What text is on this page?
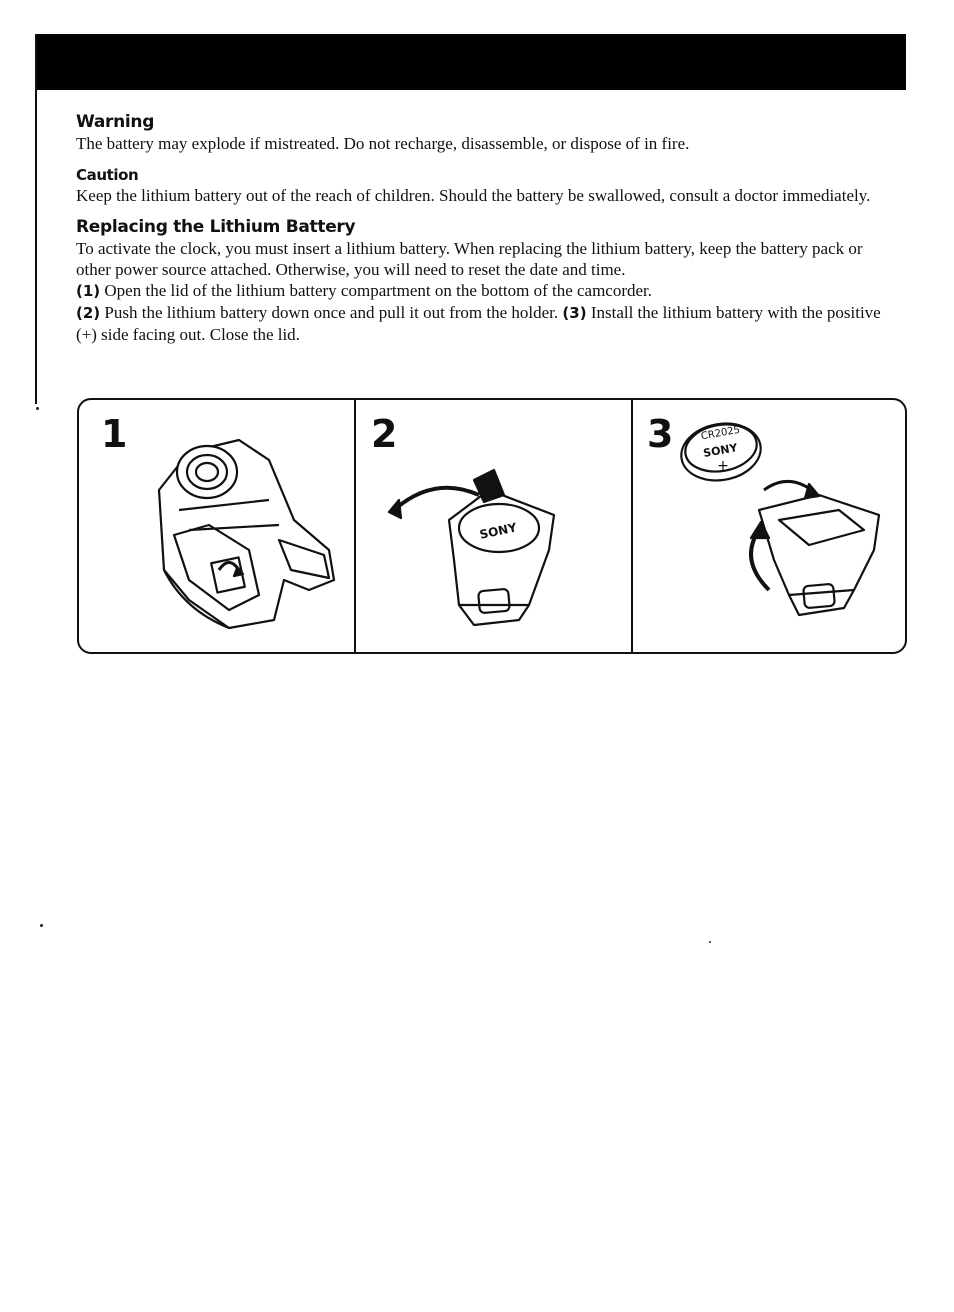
Warning

The battery may explode if mistreated. Do not recharge, disassemble, or dispose of in fire.

Caution

Keep the lithium battery out of the reach of children. Should the battery be swallowed, consult a doctor immediately.

Replacing the Lithium Battery

To activate the clock, you must insert a lithium battery. When replacing the lithium battery, keep the battery pack or other power source attached. Otherwise, you will need to reset the date and time.

(1) Open the lid of the lithium battery compartment on the bottom of the camcorder.

(2) Push the lithium battery down once and pull it out from the holder. (3) Install the lithium battery with the positive (+) side facing out. Close the lid.

1	2
SONY
3	CR2025
SONY
+
